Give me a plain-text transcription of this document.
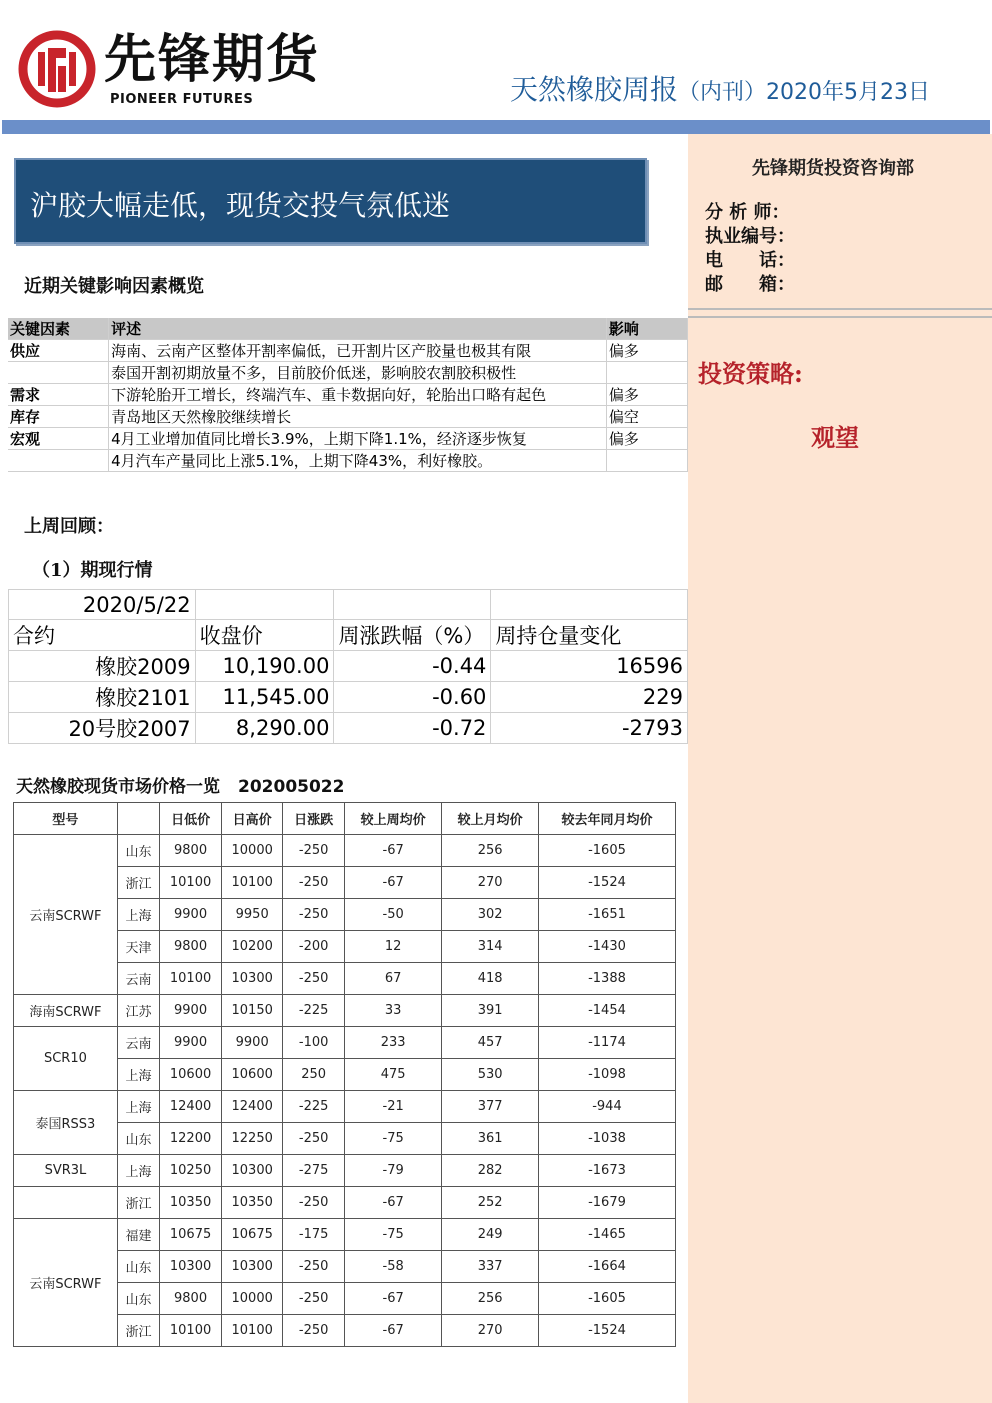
先锋期货
PIONEER FUTURES	天然橡胶周报（内刊）2020年5月23日
先锋期货投资咨询部
分 析 师：
执业编号：
电　　话：
邮　　箱：
投资策略:
观望
沪胶大幅走低，现货交投气氛低迷
近期关键影响因素概览
关键因素	评述	影响
供应	海南、云南产区整体开割率偏低，已开割片区产胶量也极其有限	偏多
	泰国开割初期放量不多，目前胶价低迷，影响胶农割胶积极性	
需求	下游轮胎开工增长，终端汽车、重卡数据向好，轮胎出口略有起色	偏多
库存	青岛地区天然橡胶继续增长	偏空
宏观	4月工业增加值同比增长3.9%，上期下降1.1%，经济逐步恢复	偏多
	4月汽车产量同比上涨5.1%，上期下降43%，利好橡胶。	
上周回顾：
（1）期现行情
2020/5/22			
合约	收盘价	周涨跌幅（%）	周持仓量变化
橡胶2009	10,190.00	-0.44	16596
橡胶2101	11,545.00	-0.60	229
20号胶2007	8,290.00	-0.72	-2793
天然橡胶现货市场价格一览 202005022
型号		日低价	日高价	日涨跌	较上周均价	较上月均价	较去年同月均价
云南SCRWF	山东	9800	10000	-250	-67	256	-1605
	浙江	10100	10100	-250	-67	270	-1524
	上海	9900	9950	-250	-50	302	-1651
	天津	9800	10200	-200	12	314	-1430
	云南	10100	10300	-250	67	418	-1388
海南SCRWF	江苏	9900	10150	-225	33	391	-1454
SCR10	云南	9900	9900	-100	233	457	-1174
	上海	10600	10600	250	475	530	-1098
泰国RSS3	上海	12400	12400	-225	-21	377	-944
	山东	12200	12250	-250	-75	361	-1038
SVR3L	上海	10250	10300	-275	-79	282	-1673
	浙江	10350	10350	-250	-67	252	-1679
云南SCRWF	福建	10675	10675	-175	-75	249	-1465
	山东	10300	10300	-250	-58	337	-1664
	山东	9800	10000	-250	-67	256	-1605
	浙江	10100	10100	-250	-67	270	-1524
